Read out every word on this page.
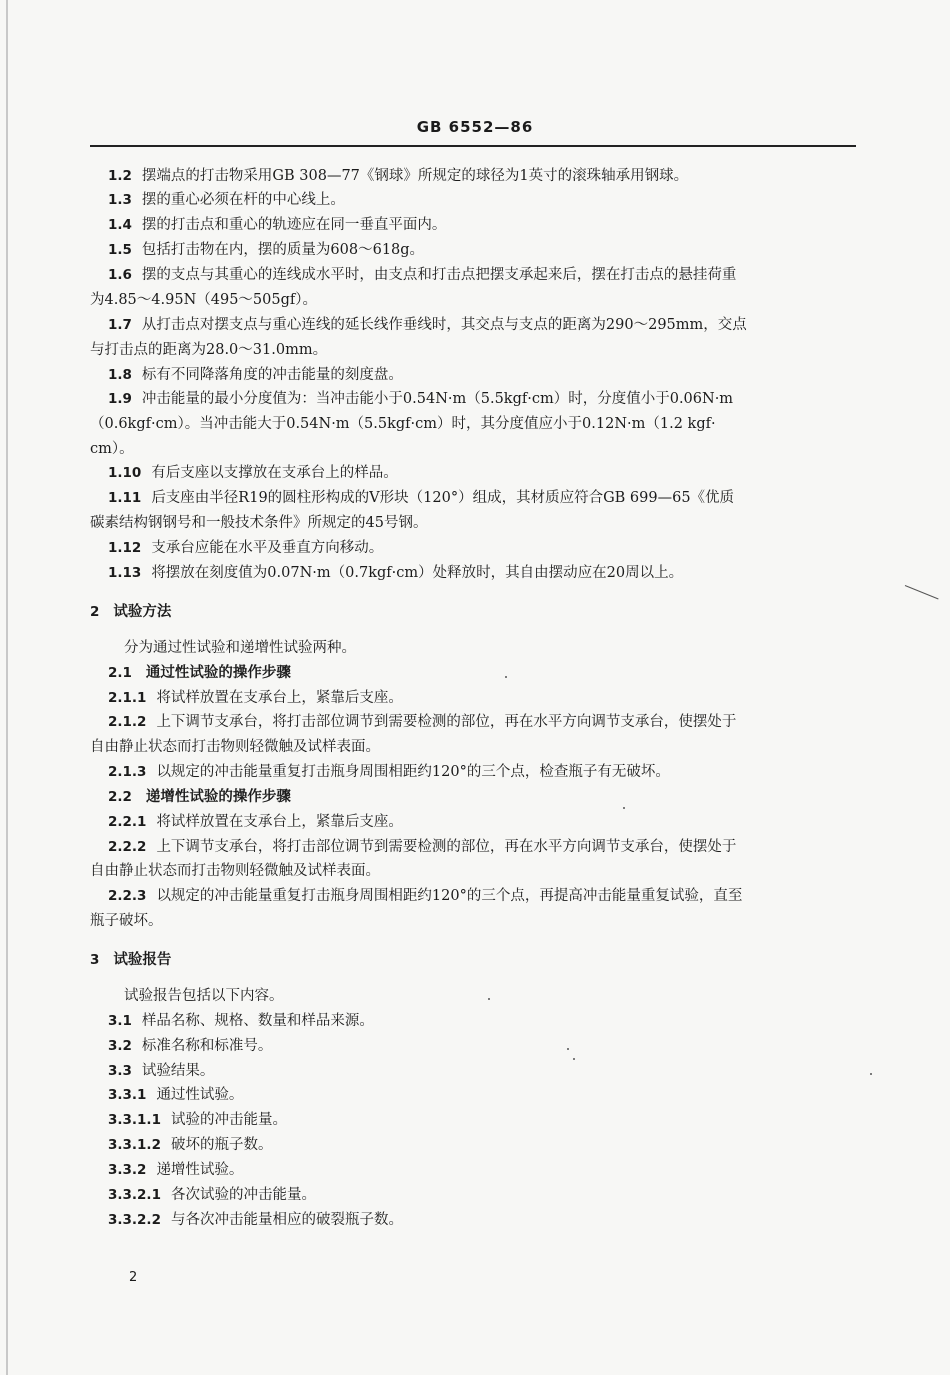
GB 6552—86
1.2 摆端点的打击物采用GB 308—77《钢球》所规定的球径为1英寸的滚珠轴承用钢球。
1.3 摆的重心必须在杆的中心线上。
1.4 摆的打击点和重心的轨迹应在同一垂直平面内。
1.5 包括打击物在内，摆的质量为608～618g。
1.6 摆的支点与其重心的连线成水平时，由支点和打击点把摆支承起来后，摆在打击点的悬挂荷重
为4.85～4.95N（495～505gf）。
1.7 从打击点对摆支点与重心连线的延长线作垂线时，其交点与支点的距离为290～295mm，交点
与打击点的距离为28.0～31.0mm。
1.8 标有不同降落角度的冲击能量的刻度盘。
1.9 冲击能量的最小分度值为：当冲击能小于0.54N·m（5.5kgf·cm）时，分度值小于0.06N·m
（0.6kgf·cm）。当冲击能大于0.54N·m（5.5kgf·cm）时，其分度值应小于0.12N·m（1.2 kgf·
cm）。
1.10 有后支座以支撑放在支承台上的样品。
1.11 后支座由半径R19的圆柱形构成的V形块（120°）组成，其材质应符合GB 699—65《优质
碳素结构钢钢号和一般技术条件》所规定的45号钢。
1.12 支承台应能在水平及垂直方向移动。
1.13 将摆放在刻度值为0.07N·m（0.7kgf·cm）处释放时，其自由摆动应在20周以上。
2 试验方法
分为通过性试验和递增性试验两种。
2.1 通过性试验的操作步骤
2.1.1 将试样放置在支承台上，紧靠后支座。
2.1.2 上下调节支承台，将打击部位调节到需要检测的部位，再在水平方向调节支承台，使摆处于
自由静止状态而打击物则轻微触及试样表面。
2.1.3 以规定的冲击能量重复打击瓶身周围相距约120°的三个点，检查瓶子有无破坏。
2.2 递增性试验的操作步骤
2.2.1 将试样放置在支承台上，紧靠后支座。
2.2.2 上下调节支承台，将打击部位调节到需要检测的部位，再在水平方向调节支承台，使摆处于
自由静止状态而打击物则轻微触及试样表面。
2.2.3 以规定的冲击能量重复打击瓶身周围相距约120°的三个点，再提高冲击能量重复试验，直至
瓶子破坏。
3 试验报告
试验报告包括以下内容。
3.1 样品名称、规格、数量和样品来源。
3.2 标准名称和标准号。
3.3 试验结果。
3.3.1 通过性试验。
3.3.1.1 试验的冲击能量。
3.3.1.2 破坏的瓶子数。
3.3.2 递增性试验。
3.3.2.1 各次试验的冲击能量。
3.3.2.2 与各次冲击能量相应的破裂瓶子数。
2
